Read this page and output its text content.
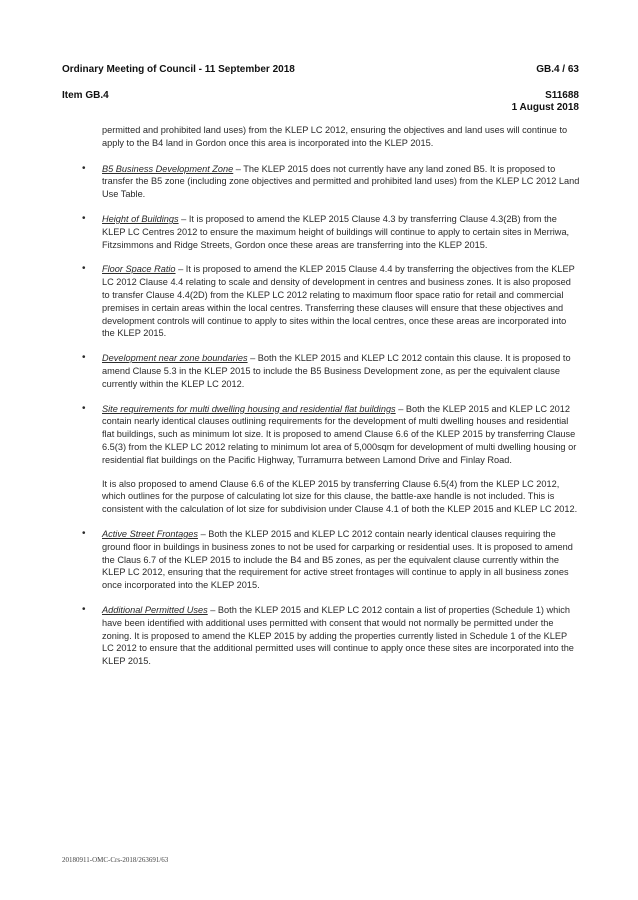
Ordinary Meeting of Council - 11 September 2018	GB.4 / 63
Item GB.4	S11688
1 August 2018

permitted and prohibited land uses) from the KLEP LC 2012, ensuring the objectives and land uses will continue to apply to the B4 land in Gordon once this area is incorporated into the KLEP 2015.

• B5 Business Development Zone – The KLEP 2015 does not currently have any land zoned B5. It is proposed to transfer the B5 zone (including zone objectives and permitted and prohibited land uses) from the KLEP LC 2012 Land Use Table.

• Height of Buildings – It is proposed to amend the KLEP 2015 Clause 4.3 by transferring Clause 4.3(2B) from the KLEP LC Centres 2012 to ensure the maximum height of buildings will continue to apply to certain sites in Merriwa, Fitzsimmons and Ridge Streets, Gordon once these areas are transferring into the KLEP 2015.

• Floor Space Ratio – It is proposed to amend the KLEP 2015 Clause 4.4 by transferring the objectives from the KLEP LC 2012 Clause 4.4 relating to scale and density of development in centres and business zones. It is also proposed to transfer Clause 4.4(2D) from the KLEP LC 2012 relating to maximum floor space ratio for retail and commercial premises in certain areas within the local centres. Transferring these clauses will ensure that these objectives and development controls will continue to apply to sites within the local centres, once these areas are incorporated into the KLEP 2015.

• Development near zone boundaries – Both the KLEP 2015 and KLEP LC 2012 contain this clause. It is proposed to amend Clause 5.3 in the KLEP 2015 to include the B5 Business Development zone, as per the equivalent clause currently within the KLEP LC 2012.

• Site requirements for multi dwelling housing and residential flat buildings – Both the KLEP 2015 and KLEP LC 2012 contain nearly identical clauses outlining requirements for the development of multi dwelling houses and residential flat buildings, such as minimum lot size. It is proposed to amend Clause 6.6 of the KLEP 2015 by transferring Clause 6.5(3) from the KLEP LC 2012 relating to minimum lot area of 5,000sqm for development of multi dwelling housing or residential flat buildings on the Pacific Highway, Turramurra between Lamond Drive and Finlay Road.

It is also proposed to amend Clause 6.6 of the KLEP 2015 by transferring Clause 6.5(4) from the KLEP LC 2012, which outlines for the purpose of calculating lot size for this clause, the battle-axe handle is not included. This is consistent with the calculation of lot size for subdivision under Clause 4.1 of both the KLEP 2015 and KLEP LC 2012.

• Active Street Frontages – Both the KLEP 2015 and KLEP LC 2012 contain nearly identical clauses requiring the ground floor in buildings in business zones to not be used for carparking or residential uses. It is proposed to amend the Claus 6.7 of the KLEP 2015 to include the B4 and B5 zones, as per the equivalent clause currently within the KLEP LC 2012, ensuring that the requirement for active street frontages will continue to apply in all business zones once incorporated into the KLEP 2015.

• Additional Permitted Uses – Both the KLEP 2015 and KLEP LC 2012 contain a list of properties (Schedule 1) which have been identified with additional uses permitted with consent that would not normally be permitted under the zoning. It is proposed to amend the KLEP 2015 by adding the properties currently listed in Schedule 1 of the KLEP LC 2012 to ensure that the additional permitted uses will continue to apply once these sites are incorporated into the KLEP 2015.

20180911-OMC-Crs-2018/263691/63
